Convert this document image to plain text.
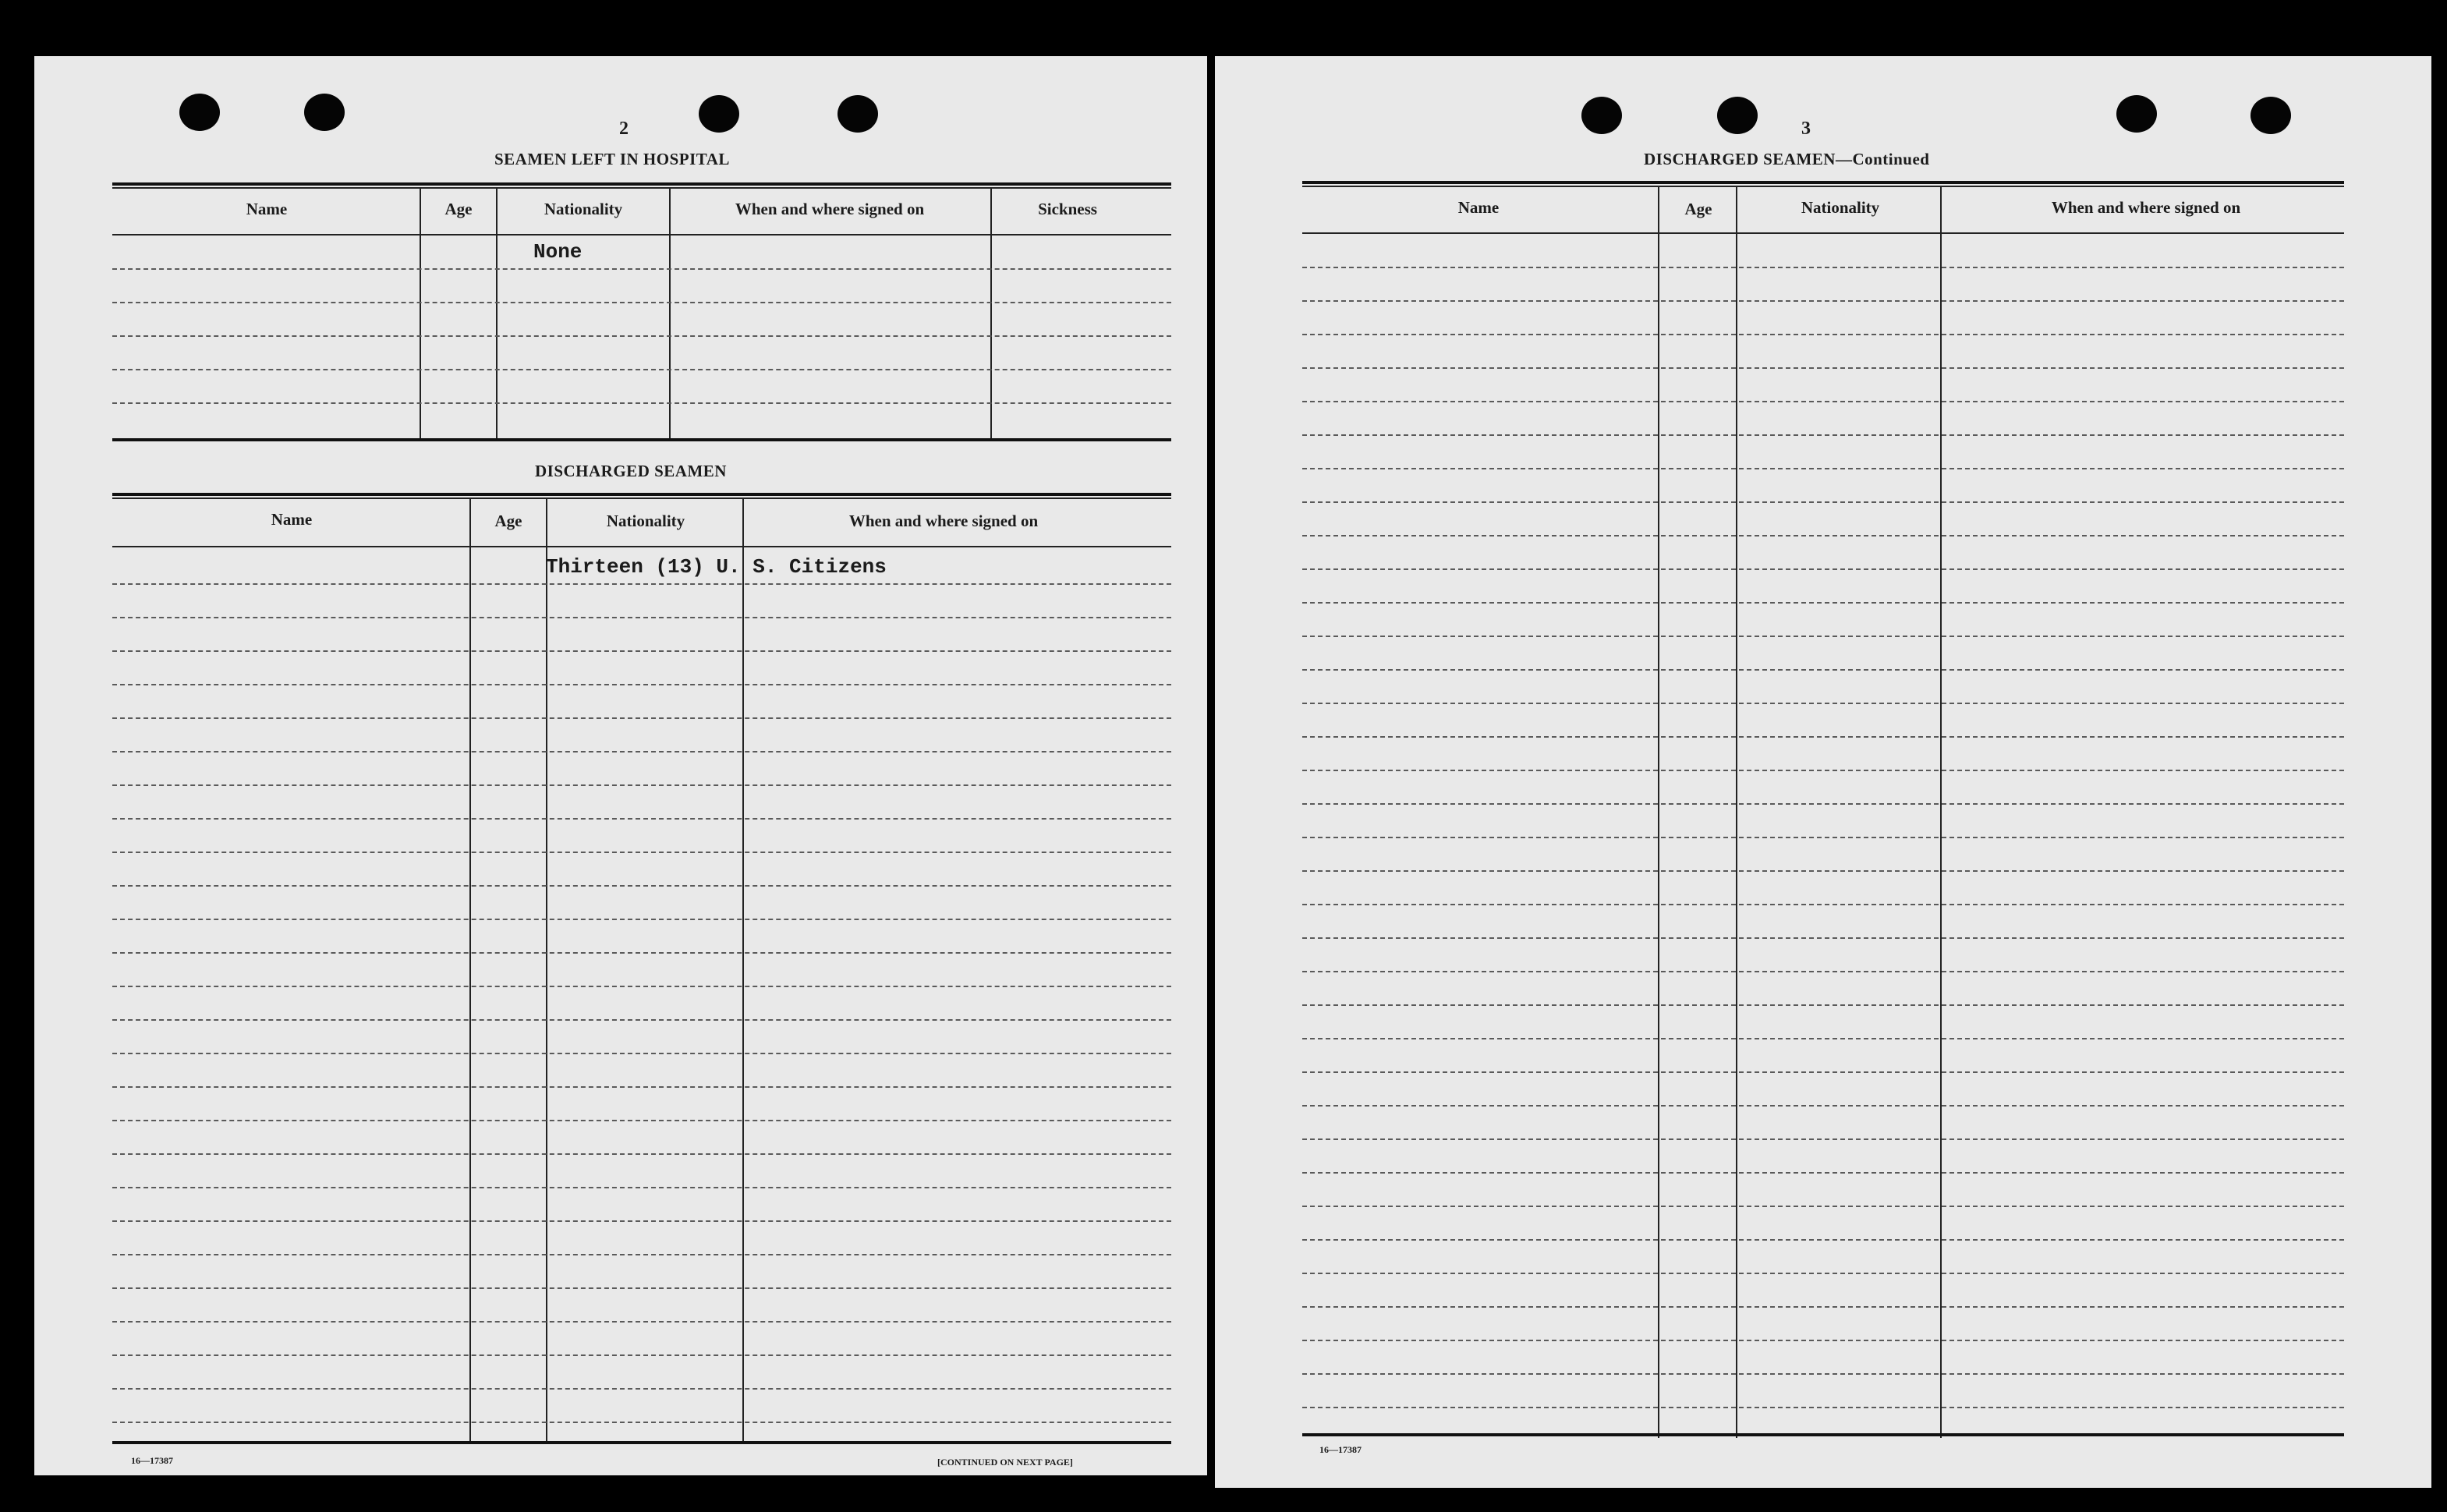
2
SEAMEN LEFT IN HOSPITAL
Name	Age	Nationality	When and where signed on	Sickness
None
DISCHARGED SEAMEN
Name	Age	Nationality	When and where signed on
Thirteen (13) U. S. Citizens
16—17387	[CONTINUED ON NEXT PAGE]
3
DISCHARGED SEAMEN—Continued
Name	Age	Nationality	When and where signed on
16—17387
